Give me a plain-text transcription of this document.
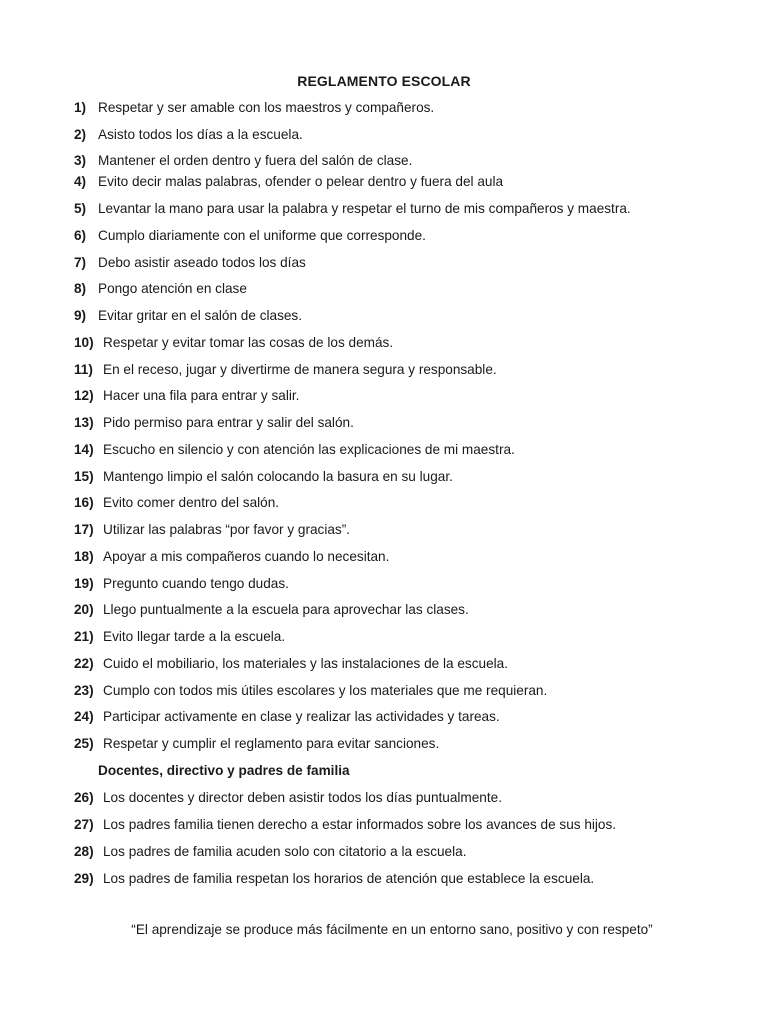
REGLAMENTO ESCOLAR
1) Respetar y ser amable con los maestros y compañeros.
2) Asisto todos los días a la escuela.
3) Mantener el orden dentro y fuera del salón de clase.
4) Evito decir malas palabras, ofender o pelear dentro y fuera del aula
5) Levantar la mano para usar la palabra y respetar el turno de mis compañeros y maestra.
6) Cumplo diariamente con el uniforme que corresponde.
7) Debo asistir aseado todos los días
8) Pongo atención en clase
9) Evitar gritar en el salón de clases.
10) Respetar y evitar tomar las cosas de los demás.
11) En el receso, jugar y divertirme de manera segura y responsable.
12) Hacer una fila para entrar y salir.
13) Pido permiso para entrar y salir del salón.
14) Escucho en silencio y con atención las explicaciones de mi maestra.
15) Mantengo limpio el salón colocando la basura en su lugar.
16) Evito comer dentro del salón.
17) Utilizar las palabras “por favor y gracias”.
18) Apoyar a mis compañeros cuando lo necesitan.
19) Pregunto cuando tengo dudas.
20) Llego puntualmente a la escuela para aprovechar las clases.
21) Evito llegar tarde a la escuela.
22) Cuido el mobiliario, los materiales y las instalaciones de la escuela.
23) Cumplo con todos mis útiles escolares y los materiales que me requieran.
24) Participar activamente en clase y realizar las actividades y tareas.
25) Respetar y cumplir el reglamento para evitar sanciones.
Docentes, directivo y padres de familia
26) Los docentes y director deben asistir todos los días puntualmente.
27) Los padres familia tienen derecho a estar informados sobre los avances de sus hijos.
28) Los padres de familia acuden solo con citatorio a la escuela.
29) Los padres de familia respetan los horarios de atención que establece la escuela.
“El aprendizaje se produce más fácilmente en un entorno sano, positivo y con respeto”
